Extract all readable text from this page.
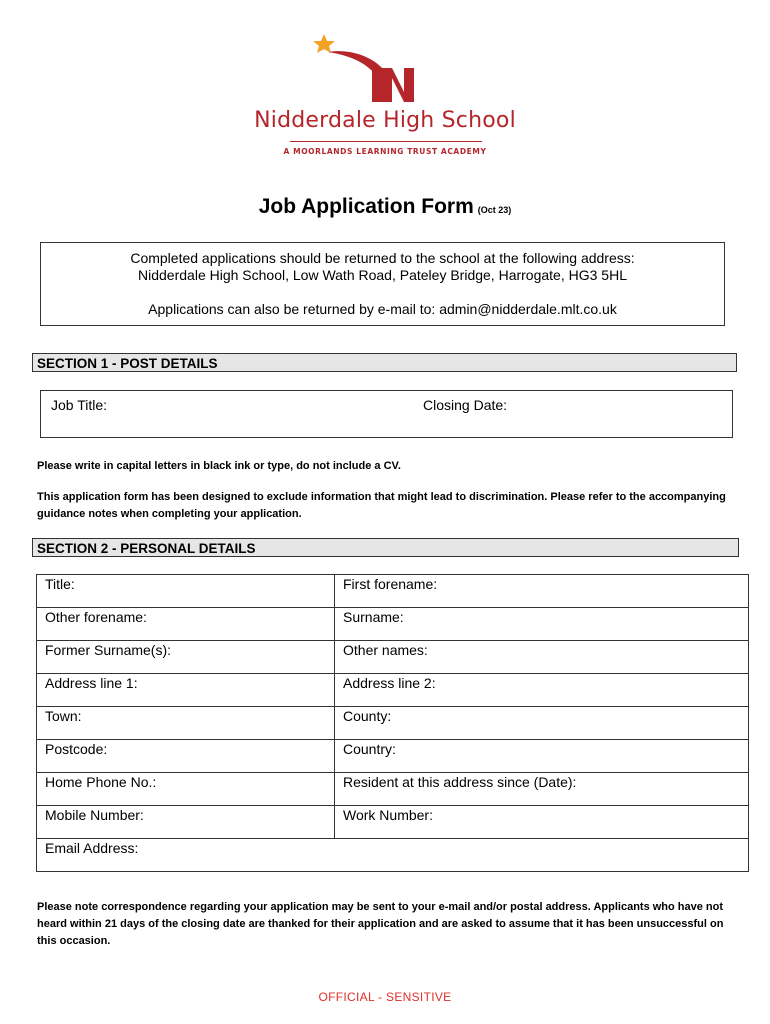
Nidderdale High School
A MOORLANDS LEARNING TRUST ACADEMY
Job Application Form (Oct 23)
Completed applications should be returned to the school at the following address:
Nidderdale High School, Low Wath Road, Pateley Bridge, Harrogate, HG3 5HL
Applications can also be returned by e-mail to: admin@nidderdale.mlt.co.uk
SECTION 1 - POST DETAILS
Job Title:	Closing Date:
Please write in capital letters in black ink or type, do not include a CV.
This application form has been designed to exclude information that might lead to discrimination. Please refer to the accompanying guidance notes when completing your application.
SECTION 2 - PERSONAL DETAILS
Title:	First forename:
Other forename:	Surname:
Former Surname(s):	Other names:
Address line 1:	Address line 2:
Town:	County:
Postcode:	Country:
Home Phone No.:	Resident at this address since (Date):
Mobile Number:	Work Number:
Email Address:	
Please note correspondence regarding your application may be sent to your e-mail and/or postal address. Applicants who have not heard within 21 days of the closing date are thanked for their application and are asked to assume that it has been unsuccessful on this occasion.
OFFICIAL - SENSITIVE
